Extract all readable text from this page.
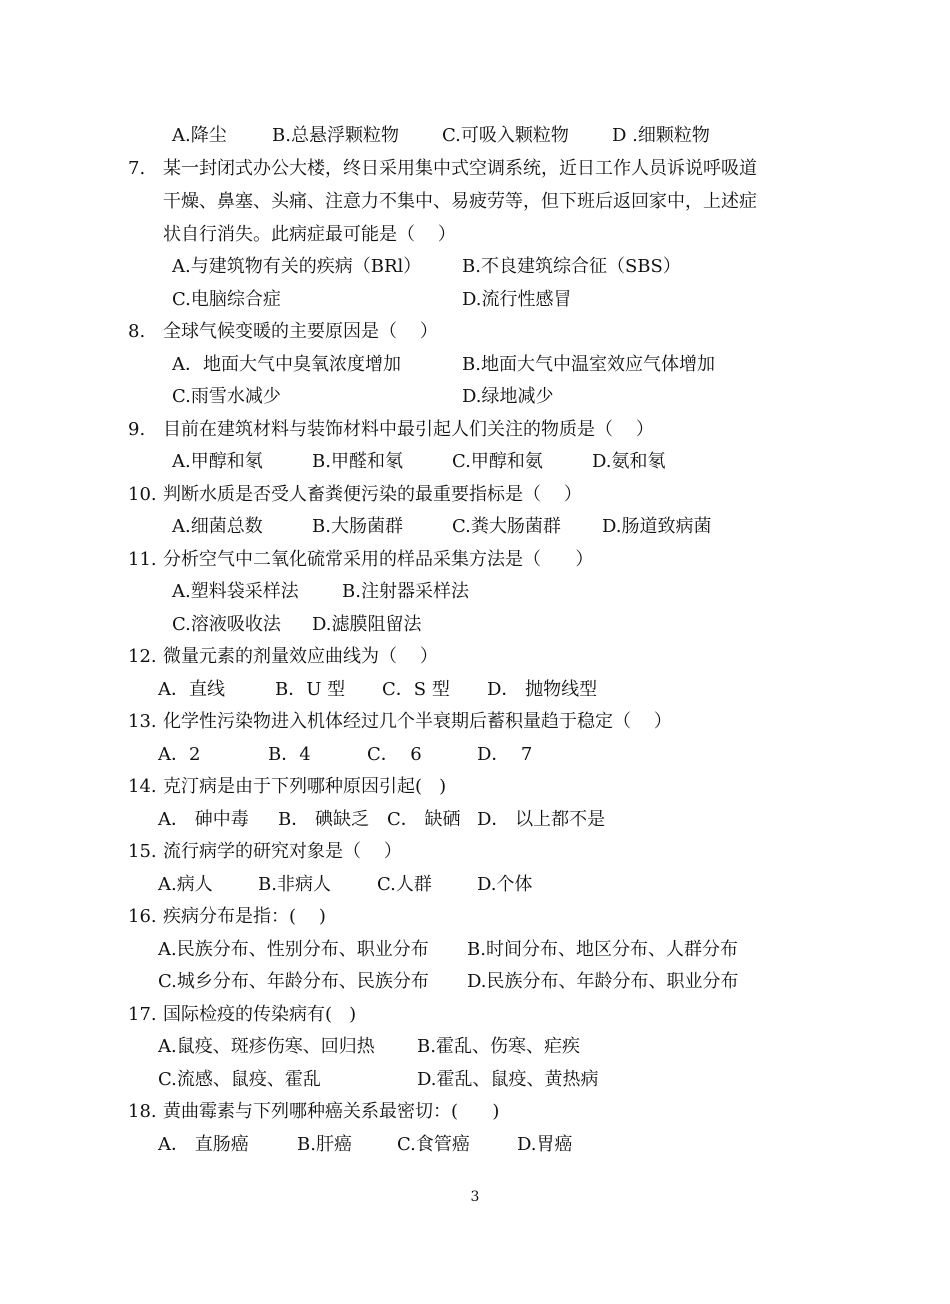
A.降尘	B.总悬浮颗粒物 C.可吸入颗粒物 D .细颗粒物
7. 某一封闭式办公大楼，终日采用集中式空调系统，近日工作人员诉说呼吸道
干燥、鼻塞、头痛、注意力不集中、易疲劳等，但下班后返回家中，上述症
状自行消失。此病症最可能是（    ）
A.与建筑物有关的疾病（BRl） B.不良建筑综合征（SBS）
C.电脑综合症	D.流行性感冒
8. 全球气候变暖的主要原因是（    ）
A．地面大气中臭氧浓度增加	B.地面大气中温室效应气体增加
C.雨雪水减少	D.绿地减少
9. 目前在建筑材料与装饰材料中最引起人们关注的物质是（    ）
A.甲醇和氡	B.甲醛和氡	C.甲醇和氨	D.氨和氡
10. 判断水质是否受人畜粪便污染的最重要指标是（    ）
A.细菌总数	B.大肠菌群	C.粪大肠菌群 D.肠道致病菌
11. 分析空气中二氧化硫常采用的样品采集方法是（      ）
A.塑料袋采样法 B.注射器采样法
C.溶液吸收法 D.滤膜阻留法
12. 微量元素的剂量效应曲线为（    ）
A．直线	B．U 型 C．S 型 D． 抛物线型
13. 化学性污染物进入机体经过几个半衰期后蓄积量趋于稳定（    ）
A．2	B．4	C．  6	D．  7
14. 克汀病是由于下列哪种原因引起(   )
A． 砷中毒 B． 碘缺乏 C． 缺硒 D． 以上都不是
15. 流行病学的研究对象是（    ）
A.病人	B.非病人	C.人群	D.个体
16. 疾病分布是指：(    )
A.民族分布、性别分布、职业分布 B.时间分布、地区分布、人群分布
C.城乡分布、年龄分布、民族分布 D.民族分布、年龄分布、职业分布
17. 国际检疫的传染病有(   )
A.鼠疫、斑疹伤寒、回归热 B.霍乱、伤寒、疟疾
C.流感、鼠疫、霍乱	D.霍乱、鼠疫、黄热病
18. 黄曲霉素与下列哪种癌关系最密切：(      )
A． 直肠癌	B.肝癌	C.食管癌	D.胃癌
3
